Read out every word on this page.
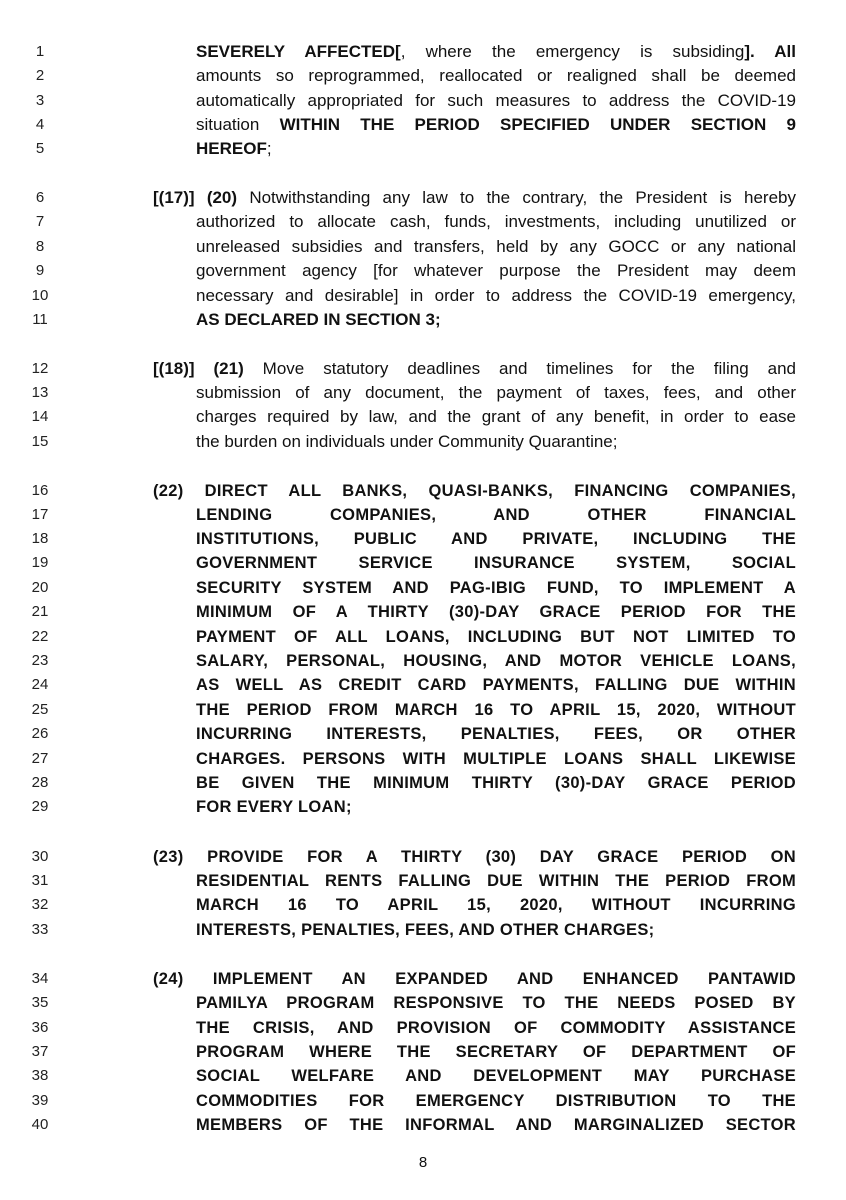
1	SEVERELY AFFECTED[, where the emergency is subsiding]. All
2	amounts so reprogrammed, reallocated or realigned shall be deemed
3	automatically appropriated for such measures to address the COVID-19
4	situation WITHIN THE PERIOD SPECIFIED UNDER SECTION 9
5	HEREOF;
6	[(17)] (20) Notwithstanding any law to the contrary, the President is hereby
7	authorized to allocate cash, funds, investments, including unutilized or
8	unreleased subsidies and transfers, held by any GOCC or any national
9	government agency [for whatever purpose the President may deem
10	necessary and desirable] in order to address the COVID-19 emergency,
11	AS DECLARED IN SECTION 3;
12	[(18)] (21) Move statutory deadlines and timelines for the filing and
13	submission of any document, the payment of taxes, fees, and other
14	charges required by law, and the grant of any benefit, in order to ease
15	the burden on individuals under Community Quarantine;
16	(22) DIRECT ALL BANKS, QUASI-BANKS, FINANCING COMPANIES,
17	LENDING COMPANIES, AND OTHER FINANCIAL
18	INSTITUTIONS, PUBLIC AND PRIVATE, INCLUDING THE
19	GOVERNMENT SERVICE INSURANCE SYSTEM, SOCIAL
20	SECURITY SYSTEM AND PAG-IBIG FUND, TO IMPLEMENT A
21	MINIMUM OF A THIRTY (30)-DAY GRACE PERIOD FOR THE
22	PAYMENT OF ALL LOANS, INCLUDING BUT NOT LIMITED TO
23	SALARY, PERSONAL, HOUSING, AND MOTOR VEHICLE LOANS,
24	AS WELL AS CREDIT CARD PAYMENTS, FALLING DUE WITHIN
25	THE PERIOD FROM MARCH 16 TO APRIL 15, 2020, WITHOUT
26	INCURRING INTERESTS, PENALTIES, FEES, OR OTHER
27	CHARGES. PERSONS WITH MULTIPLE LOANS SHALL LIKEWISE
28	BE GIVEN THE MINIMUM THIRTY (30)-DAY GRACE PERIOD
29	FOR EVERY LOAN;
30	(23) PROVIDE FOR A THIRTY (30) DAY GRACE PERIOD ON
31	RESIDENTIAL RENTS FALLING DUE WITHIN THE PERIOD FROM
32	MARCH 16 TO APRIL 15, 2020, WITHOUT INCURRING
33	INTERESTS, PENALTIES, FEES, AND OTHER CHARGES;
34	(24) IMPLEMENT AN EXPANDED AND ENHANCED PANTAWID
35	PAMILYA PROGRAM RESPONSIVE TO THE NEEDS POSED BY
36	THE CRISIS, AND PROVISION OF COMMODITY ASSISTANCE
37	PROGRAM WHERE THE SECRETARY OF DEPARTMENT OF
38	SOCIAL WELFARE AND DEVELOPMENT MAY PURCHASE
39	COMMODITIES FOR EMERGENCY DISTRIBUTION TO THE
40	MEMBERS OF THE INFORMAL AND MARGINALIZED SECTOR
8
